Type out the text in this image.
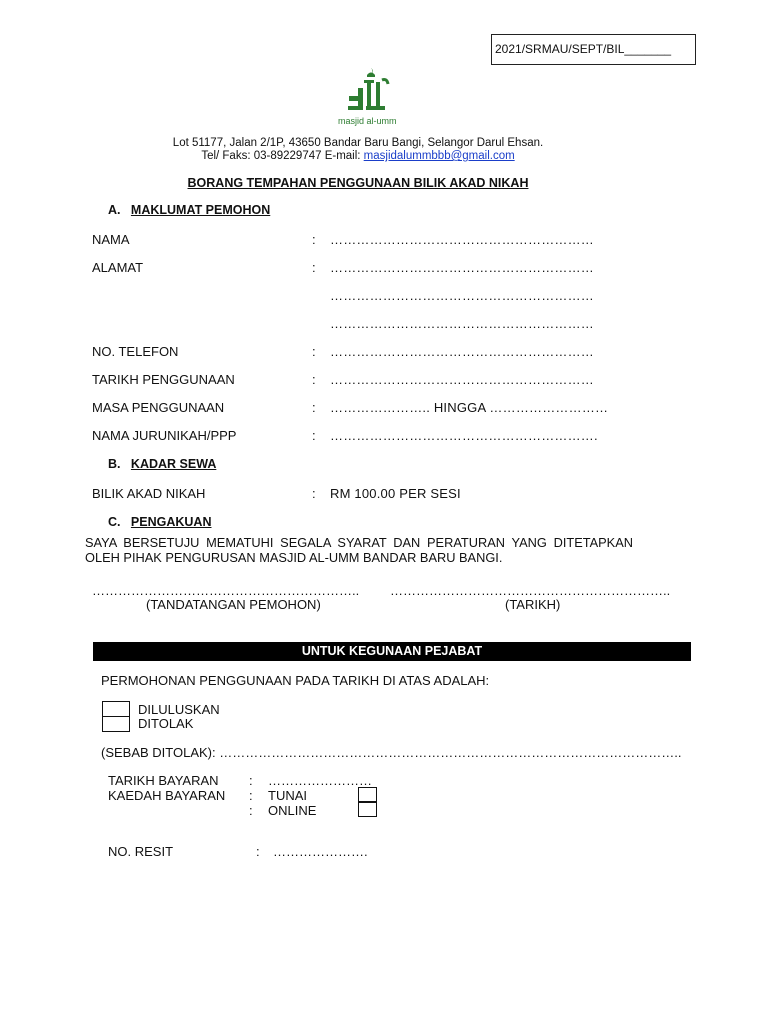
2021/SRMAU/SEPT/BIL_______
masjid al-umm
Lot 51177, Jalan 2/1P, 43650 Bandar Baru Bangi, Selangor Darul Ehsan.
Tel/ Faks: 03-89229747 E-mail: masjidalummbbb@gmail.com
BORANG TEMPAHAN PENGGUNAAN BILIK AKAD NIKAH
A. MAKLUMAT PEMOHON
NAMA	: ……………………………………………………
ALAMAT	: ……………………………………………………
……………………………………………………
……………………………………………………
NO. TELEFON	: ……………………………………………………
TARIKH PENGGUNAAN	: ……………………………………………………
MASA PENGGUNAAN	: ………………….. HINGGA ………………………
NAMA JURUNIKAH/PPP	: …………………………………………………….
B. KADAR SEWA
BILIK AKAD NIKAH	: RM 100.00 PER SESI
C. PENGAKUAN
SAYA BERSETUJU MEMATUHI SEGALA SYARAT DAN PERATURAN YANG DITETAPKAN
OLEH PIHAK PENGURUSAN MASJID AL-UMM BANDAR BARU BANGI.
…………………………………………………….. ………………………………………………………..
(TANDATANGAN PEMOHON)	(TARIKH)
UNTUK KEGUNAAN PEJABAT
PERMOHONAN PENGGUNAAN PADA TARIKH DI ATAS ADALAH:
DILULUSKAN
DITOLAK
(SEBAB DITOLAK): ……………………………………………………………………………………………..
TARIKH BAYARAN : ……………………
KAEDAH BAYARAN : TUNAI
: ONLINE
NO. RESIT	: ………………….
